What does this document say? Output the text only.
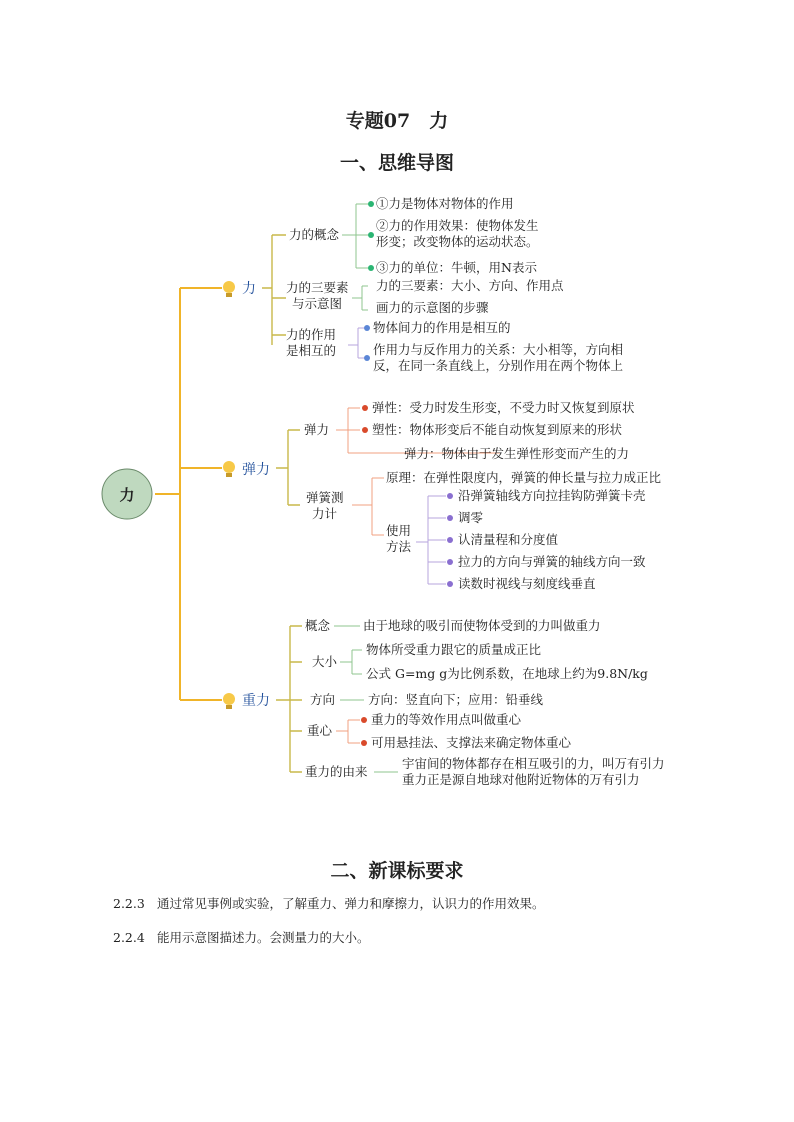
专题07　力
一、思维导图
力
力
力的概念
①力是物体对物体的作用
②力的作用效果：使物体发生
形变；改变物体的运动状态。
③力的单位：牛顿，用N表示
力的三要素
与示意图
力的三要素：大小、方向、作用点
画力的示意图的步骤
力的作用
是相互的
物体间力的作用是相互的
作用力与反作用力的关系：大小相等，方向相
反，在同一条直线上，分别作用在两个物体上
弹力
弹力
弹性：受力时发生形变，不受力时又恢复到原状
塑性：物体形变后不能自动恢复到原来的形状
弹力：物体由于发生弹性形变而产生的力
弹簧测
力计
原理：在弹性限度内，弹簧的伸长量与拉力成正比
使用
方法
沿弹簧轴线方向拉挂钩防弹簧卡壳
调零
认清量程和分度值
拉力的方向与弹簧的轴线方向一致
读数时视线与刻度线垂直
重力
概念	由于地球的吸引而使物体受到的力叫做重力
大小
物体所受重力跟它的质量成正比
公式 G=mg g为比例系数，在地球上约为9.8N/kg
方向	方向：竖直向下；应用：铅垂线
重心
重力的等效作用点叫做重心
可用悬挂法、支撑法来确定物体重心
重力的由来
宇宙间的物体都存在相互吸引的力，叫万有引力
重力正是源自地球对他附近物体的万有引力
二、新课标要求
2.2.3 通过常见事例或实验，了解重力、弹力和摩擦力，认识力的作用效果。
2.2.4 能用示意图描述力。会测量力的大小。
